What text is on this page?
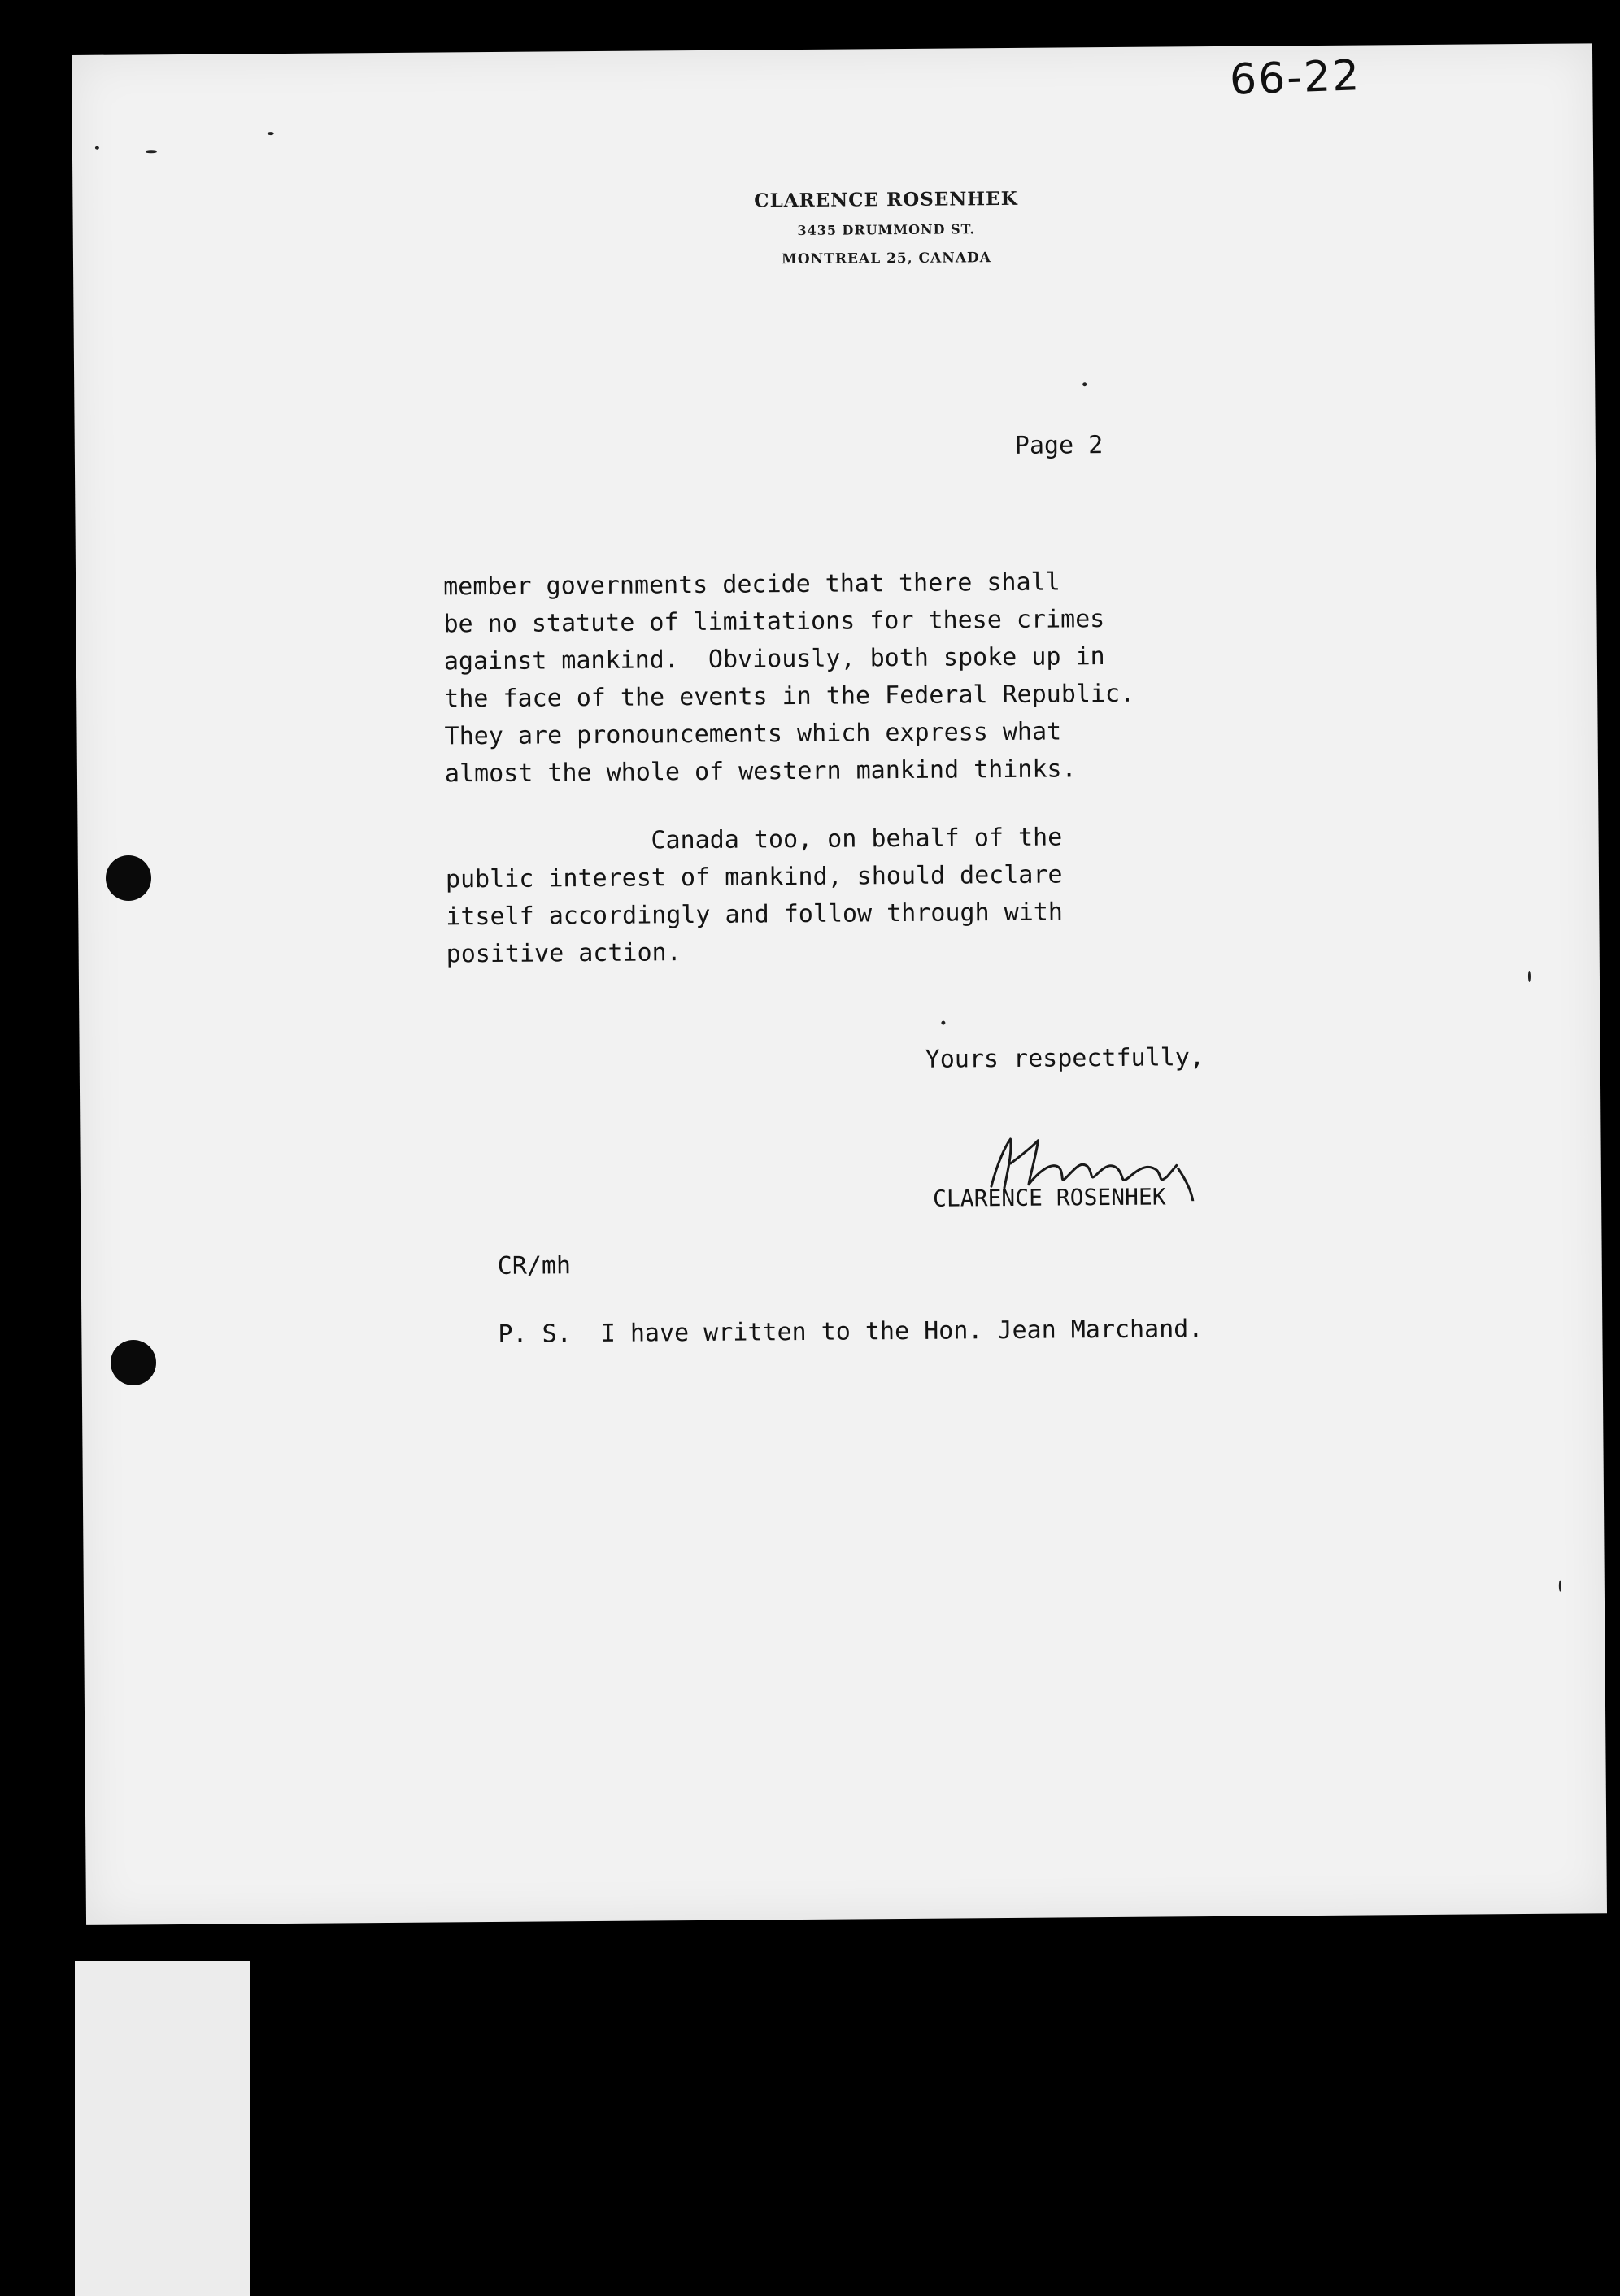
CLARENCE ROSENHEK
3435 DRUMMOND ST.
MONTREAL 25, CANADA
Page 2
member governments decide that there shall
be no statute of limitations for these crimes
against mankind.  Obviously, both spoke up in
the face of the events in the Federal Republic.
They are pronouncements which express what
almost the whole of western mankind thinks.
Canada too, on behalf of the
public interest of mankind, should declare
itself accordingly and follow through with
positive action.
Yours respectfully,
CLARENCE ROSENHEK
CR/mh
P. S.  I have written to the Hon. Jean Marchand.
66-22
